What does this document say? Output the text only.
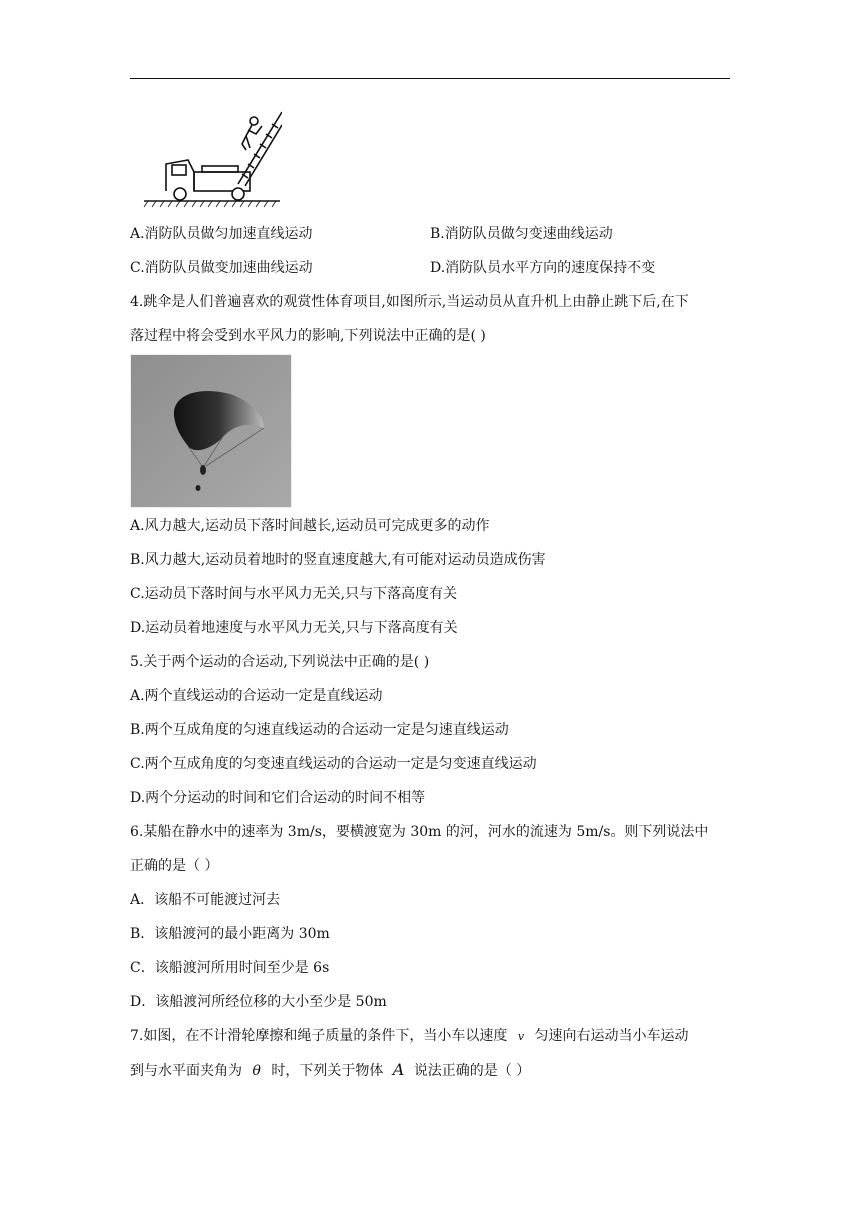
A.消防队员做匀加速直线运动	B.消防队员做匀变速曲线运动
C.消防队员做变加速曲线运动	D.消防队员水平方向的速度保持不变
4.跳伞是人们普遍喜欢的观赏性体育项目,如图所示,当运动员从直升机上由静止跳下后,在下
落过程中将会受到水平风力的影响,下列说法中正确的是( )
A.风力越大,运动员下落时间越长,运动员可完成更多的动作
B.风力越大,运动员着地时的竖直速度越大,有可能对运动员造成伤害
C.运动员下落时间与水平风力无关,只与下落高度有关
D.运动员着地速度与水平风力无关,只与下落高度有关
5.关于两个运动的合运动,下列说法中正确的是( )
A.两个直线运动的合运动一定是直线运动
B.两个互成角度的匀速直线运动的合运动一定是匀速直线运动
C.两个互成角度的匀变速直线运动的合运动一定是匀变速直线运动
D.两个分运动的时间和它们合运动的时间不相等
6.某船在静水中的速率为 3m/s，要横渡宽为 30m 的河，河水的流速为 5m/s。则下列说法中
正确的是（ ）
A．该船不可能渡过河去
B．该船渡河的最小距离为 30m
C．该船渡河所用时间至少是 6s
D．该船渡河所经位移的大小至少是 50m
7.如图，在不计滑轮摩擦和绳子质量的条件下，当小车以速度 v 匀速向右运动当小车运动
到与水平面夹角为 θ 时，下列关于物体 A 说法正确的是（ ）
